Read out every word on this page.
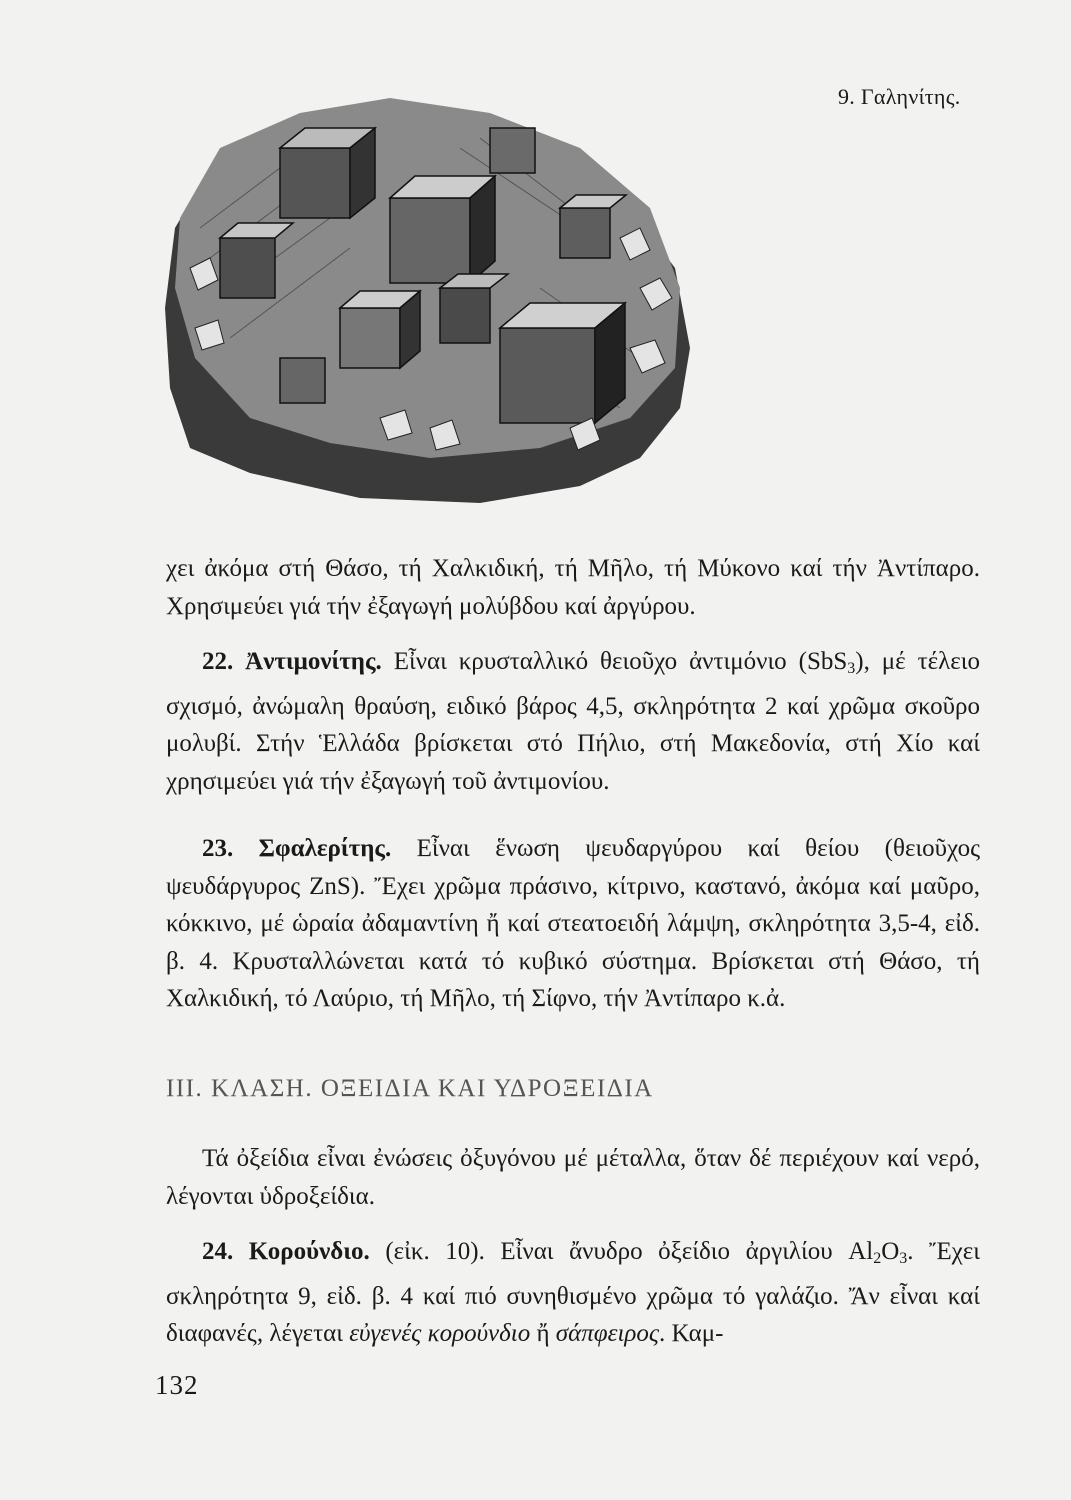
9. Γαληνίτης.

χει ἀκόμα στή Θάσο, τή Χαλκιδική, τή Μῆλο, τή Μύκονο καί τήν Ἀντίπαρο. Χρησιμεύει γιά τήν ἐξαγωγή μολύβδου καί ἀργύρου.

22. Ἀντιμονίτης. Εἶναι κρυσταλλικό θειοῦχο ἀντιμόνιο (SbS$_3$), μέ τέλειο σχισμό, ἀνώμαλη θραύση, ειδικό βάρος 4,5, σκληρότητα 2 καί χρῶμα σκοῦρο μολυβί. Στήν Ἑλλάδα βρίσκεται στό Πήλιο, στή Μακεδονία, στή Χίο καί χρησιμεύει γιά τήν ἐξαγωγή τοῦ ἀντιμονίου.

23. Σφαλερίτης. Εἶναι ἕνωση ψευδαργύρου καί θείου (θειοῦχος ψευδάργυρος ZnS). Ἔχει χρῶμα πράσινο, κίτρινο, καστανό, ἀκόμα καί μαῦρο, κόκκινο, μέ ὡραία ἀδαμαντίνη ἤ καί στεατοειδή λάμψη, σκληρότητα 3,5-4, εἰδ. β. 4. Κρυσταλλώνεται κατά τό κυβικό σύστημα. Βρίσκεται στή Θάσο, τή Χαλκιδική, τό Λαύριο, τή Μῆλο, τή Σίφνο, τήν Ἀντίπαρο κ.ἀ.

ΙΙΙ. ΚΛΑΣΗ. ΟΞΕΙΔΙΑ ΚΑΙ ΥΔΡΟΞΕΙΔΙΑ

Τά ὀξείδια εἶναι ἐνώσεις ὀξυγόνου μέ μέταλλα, ὅταν δέ περιέχουν καί νερό, λέγονται ὑδροξείδια.

24. Κορούνδιο. (εἰκ. 10). Εἶναι ἄνυδρο ὀξείδιο ἀργιλίου $Al_2O_3$. Ἔχει σκληρότητα 9, εἰδ. β. 4 καί πιό συνηθισμένο χρῶμα τό γαλάζιο. Ἄν εἶναι καί διαφανές, λέγεται εὐγενές κορούνδιο ἤ σάπφειρος. Καμ-

132
